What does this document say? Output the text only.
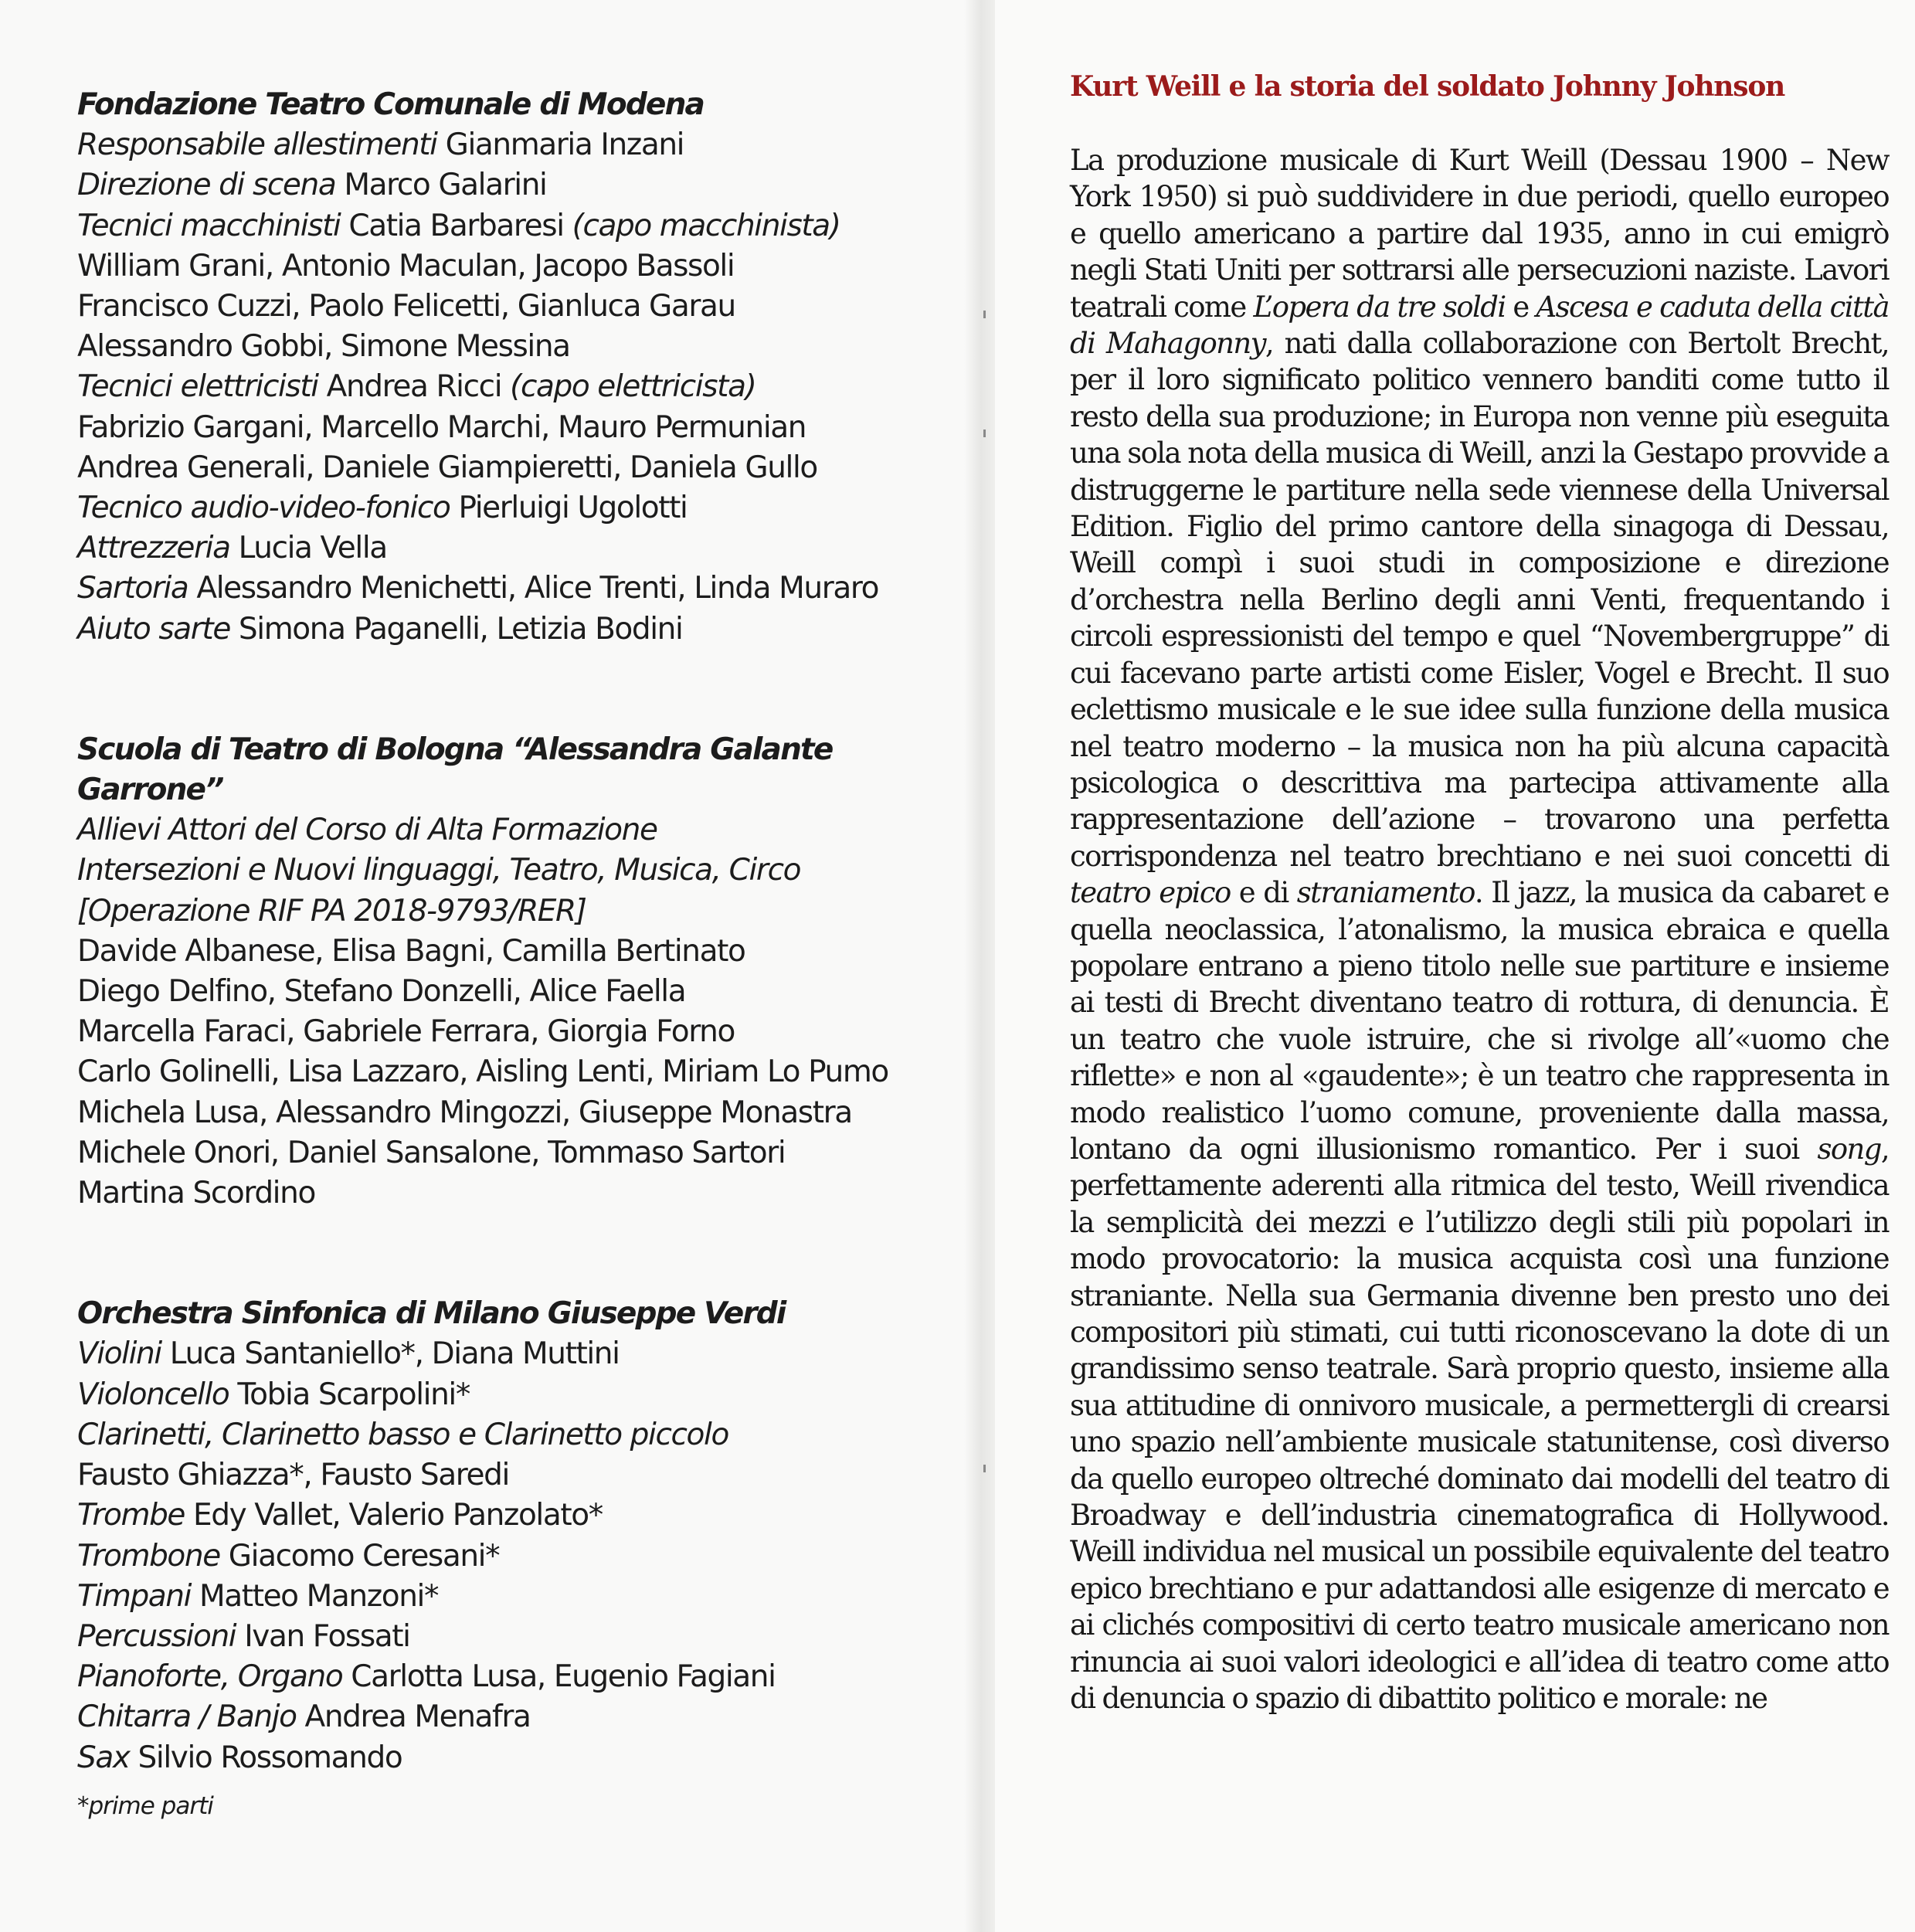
Fondazione Teatro Comunale di Modena
Responsabile allestimenti Gianmaria Inzani
Direzione di scena Marco Galarini
Tecnici macchinisti Catia Barbaresi (capo macchinista)
William Grani, Antonio Maculan, Jacopo Bassoli
Francisco Cuzzi, Paolo Felicetti, Gianluca Garau
Alessandro Gobbi, Simone Messina
Tecnici elettricisti Andrea Ricci (capo elettricista)
Fabrizio Gargani, Marcello Marchi, Mauro Permunian
Andrea Generali, Daniele Giampieretti, Daniela Gullo
Tecnico audio-video-fonico Pierluigi Ugolotti
Attrezzeria Lucia Vella
Sartoria Alessandro Menichetti, Alice Trenti, Linda Muraro
Aiuto sarte Simona Paganelli, Letizia Bodini
Scuola di Teatro di Bologna “Alessandra Galante Garrone”
Allievi Attori del Corso di Alta Formazione
Intersezioni e Nuovi linguaggi, Teatro, Musica, Circo
[Operazione RIF PA 2018-9793/RER]
Davide Albanese, Elisa Bagni, Camilla Bertinato
Diego Delfino, Stefano Donzelli, Alice Faella
Marcella Faraci, Gabriele Ferrara, Giorgia Forno
Carlo Golinelli, Lisa Lazzaro, Aisling Lenti, Miriam Lo Pumo
Michela Lusa, Alessandro Mingozzi, Giuseppe Monastra
Michele Onori, Daniel Sansalone, Tommaso Sartori
Martina Scordino
Orchestra Sinfonica di Milano Giuseppe Verdi
Violini Luca Santaniello*, Diana Muttini
Violoncello Tobia Scarpolini*
Clarinetti, Clarinetto basso e Clarinetto piccolo
Fausto Ghiazza*, Fausto Saredi
Trombe Edy Vallet, Valerio Panzolato*
Trombone Giacomo Ceresani*
Timpani Matteo Manzoni*
Percussioni Ivan Fossati
Pianoforte, Organo Carlotta Lusa, Eugenio Fagiani
Chitarra / Banjo Andrea Menafra
Sax Silvio Rossomando
*prime parti
Kurt Weill e la storia del soldato Johnny Johnson

La produzione musicale di Kurt Weill (Dessau 1900 – New York 1950) si può suddividere in due periodi, quello europeo e quello americano a partire dal 1935, anno in cui emigrò negli Stati Uniti per sottrarsi alle persecuzioni naziste. Lavori teatrali come L’opera da tre soldi e Ascesa e caduta della città di Mahagonny, nati dalla collaborazione con Bertolt Brecht, per il loro significato politico vennero banditi come tutto il resto della sua produzione; in Europa non venne più eseguita una sola nota della musica di Weill, anzi la Gestapo provvide a distruggerne le partiture nella sede viennese della Universal Edition. Figlio del primo cantore della sinagoga di Dessau, Weill compì i suoi studi in composizione e direzione d’orchestra nella Berlino degli anni Venti, frequentando i circoli espressionisti del tempo e quel “Novembergruppe” di cui facevano parte artisti come Eisler, Vogel e Brecht. Il suo eclettismo musicale e le sue idee sulla funzione della musica nel teatro moderno – la musica non ha più alcuna capacità psicologica o descrittiva ma partecipa attivamente alla rappresentazione dell’azione – trovarono una perfetta corrispondenza nel teatro brechtiano e nei suoi concetti di teatro epico e di straniamento. Il jazz, la musica da cabaret e quella neoclassica, l’atonalismo, la musica ebraica e quella popolare entrano a pieno titolo nelle sue partiture e insieme ai testi di Brecht diventano teatro di rottura, di denuncia. È un teatro che vuole istruire, che si rivolge all’«uomo che riflette» e non al «gaudente»; è un teatro che rappresenta in modo realistico l’uomo comune, proveniente dalla massa, lontano da ogni illusionismo romantico. Per i suoi song, perfettamente aderenti alla ritmica del testo, Weill rivendica la semplicità dei mezzi e l’utilizzo degli stili più popolari in modo provocatorio: la musica acquista così una funzione straniante. Nella sua Germania divenne ben presto uno dei compositori più stimati, cui tutti riconoscevano la dote di un grandissimo senso teatrale. Sarà proprio questo, insieme alla sua attitudine di onnivoro musicale, a permettergli di crearsi uno spazio nell’ambiente musicale statunitense, così diverso da quello europeo oltreché dominato dai modelli del teatro di Broadway e dell’industria cinematografica di Hollywood. Weill individua nel musical un possibile equivalente del teatro epico brechtiano e pur adattandosi alle esigenze di mercato e ai clichés compositivi di certo teatro musicale americano non rinuncia ai suoi valori ideologici e all’idea di teatro come atto di denuncia o spazio di dibattito politico e morale: ne
